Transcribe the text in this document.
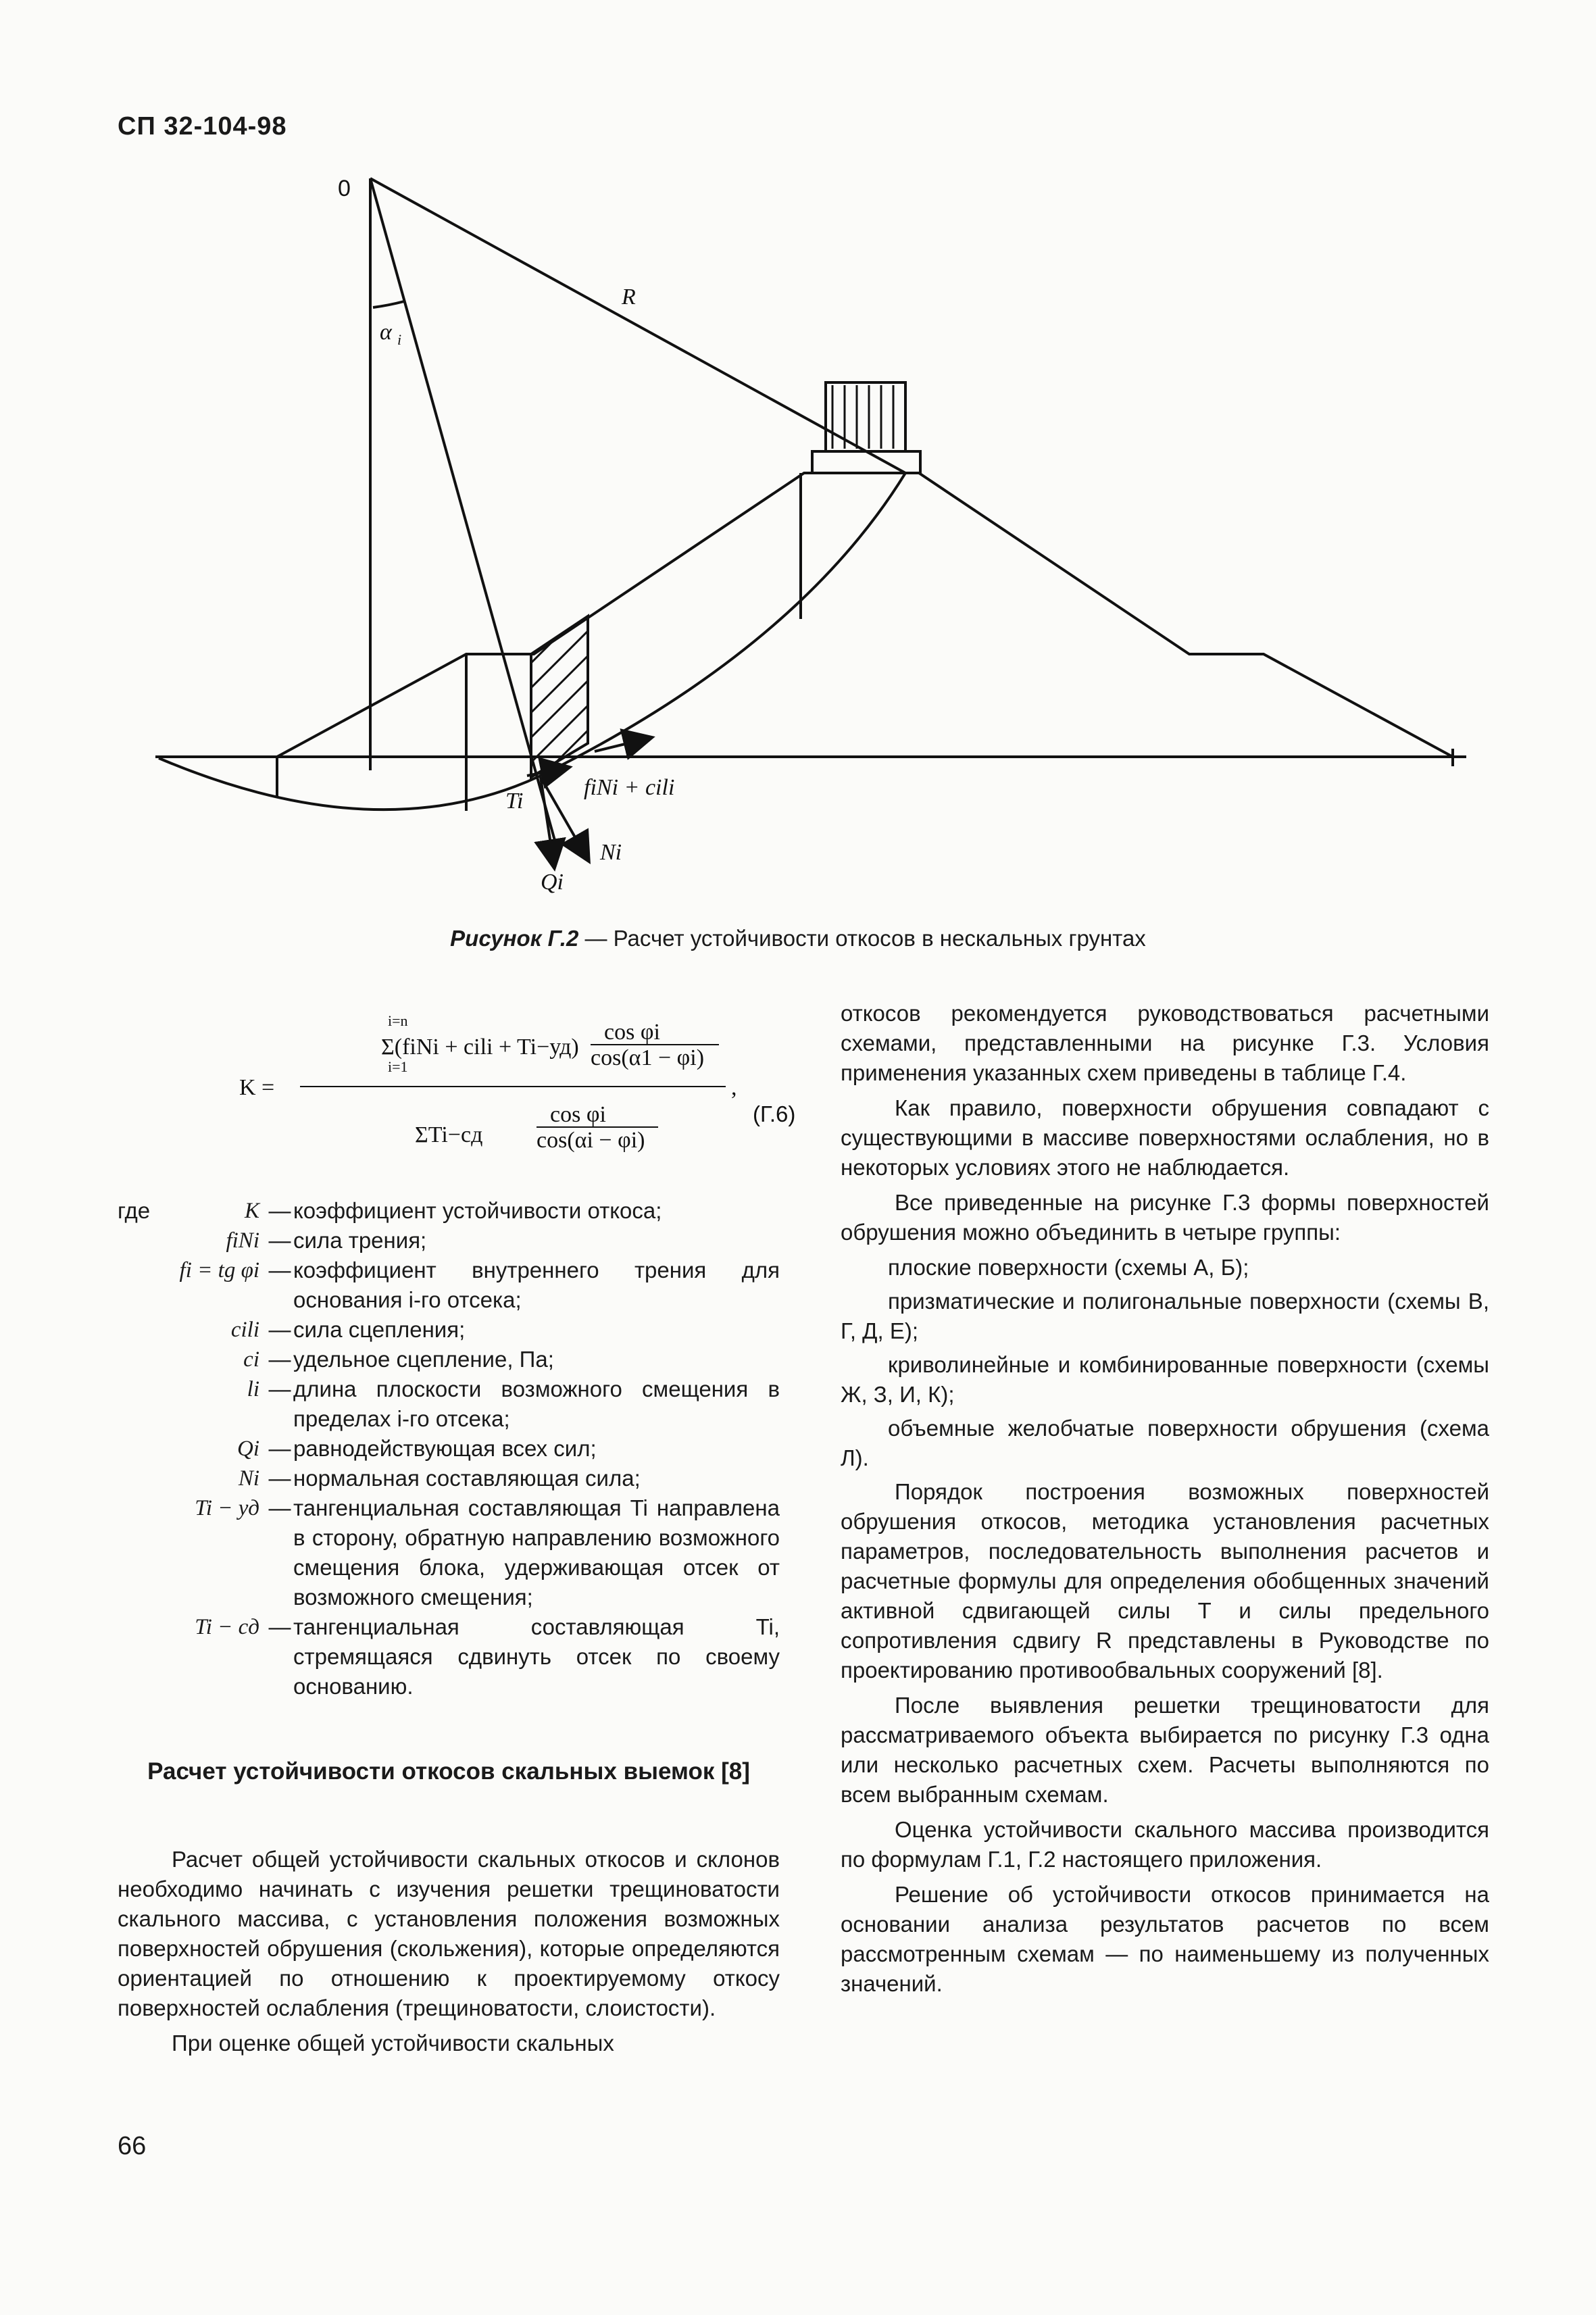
СП 32-104-98
0
R
α i
fiNi + cili
Ti
Ni
Qi
Рисунок Г.2 — Расчет устойчивости откосов в нескальных грунтах
K =
i=n
Σ(fiNi + cili + Ti−уд)
cos φi
cos(α1 − φi)
i=1
,
ΣTi−сд
cos φi
cos(αi − φi)
(Г.6)
где	K — коэффициент устойчивости откоса;
fiNi — сила трения;
fi = tg φi — коэффициент внутреннего трения для основания i-го отсека;
cili — сила сцепления;
ci — удельное сцепление, Па;
li — длина плоскости возможного смещения в пределах i-го отсека;
Qi — равнодействующая всех сил;
Ni — нормальная составляющая сила;
Ti − уд — тангенциальная составляющая Ti направлена в сторону, обратную направлению возможного смещения блока, удерживающая отсек от возможного смещения;
Ti − сд — тангенциальная составляющая Ti, стремящаяся сдвинуть отсек по своему основанию.
Расчет устойчивости откосов скальных выемок [8]

Расчет общей устойчивости скальных откосов и склонов необходимо начинать с изучения решетки трещиноватости скального массива, с установления положения возможных поверхностей обрушения (скольжения), которые определяются ориентацией по отношению к проектируемому откосу поверхностей ослабления (трещиноватости, слоистости).

При оценке общей устойчивости скальных

откосов рекомендуется руководствоваться расчетными схемами, представленными на рисунке Г.3. Условия применения указанных схем приведены в таблице Г.4.

Как правило, поверхности обрушения совпадают с существующими в массиве поверхностями ослабления, но в некоторых условиях этого не наблюдается.

Все приведенные на рисунке Г.3 формы поверхностей обрушения можно объединить в четыре группы:

плоские поверхности (схемы А, Б);

призматические и полигональные поверхности (схемы В, Г, Д, Е);

криволинейные и комбинированные поверхности (схемы Ж, З, И, К);

объемные желобчатые поверхности обрушения (схема Л).

Порядок построения возможных поверхностей обрушения откосов, методика установления расчетных параметров, последовательность выполнения расчетов и расчетные формулы для определения обобщенных значений активной сдвигающей силы Т и силы предельного сопротивления сдвигу R представлены в Руководстве по проектированию противообвальных сооружений [8].

После выявления решетки трещиноватости для рассматриваемого объекта выбирается по рисунку Г.3 одна или несколько расчетных схем. Расчеты выполняются по всем выбранным схемам.

Оценка устойчивости скального массива производится по формулам Г.1, Г.2 настоящего приложения.

Решение об устойчивости откосов принимается на основании анализа результатов расчетов по всем рассмотренным схемам — по наименьшему из полученных значений.

66
